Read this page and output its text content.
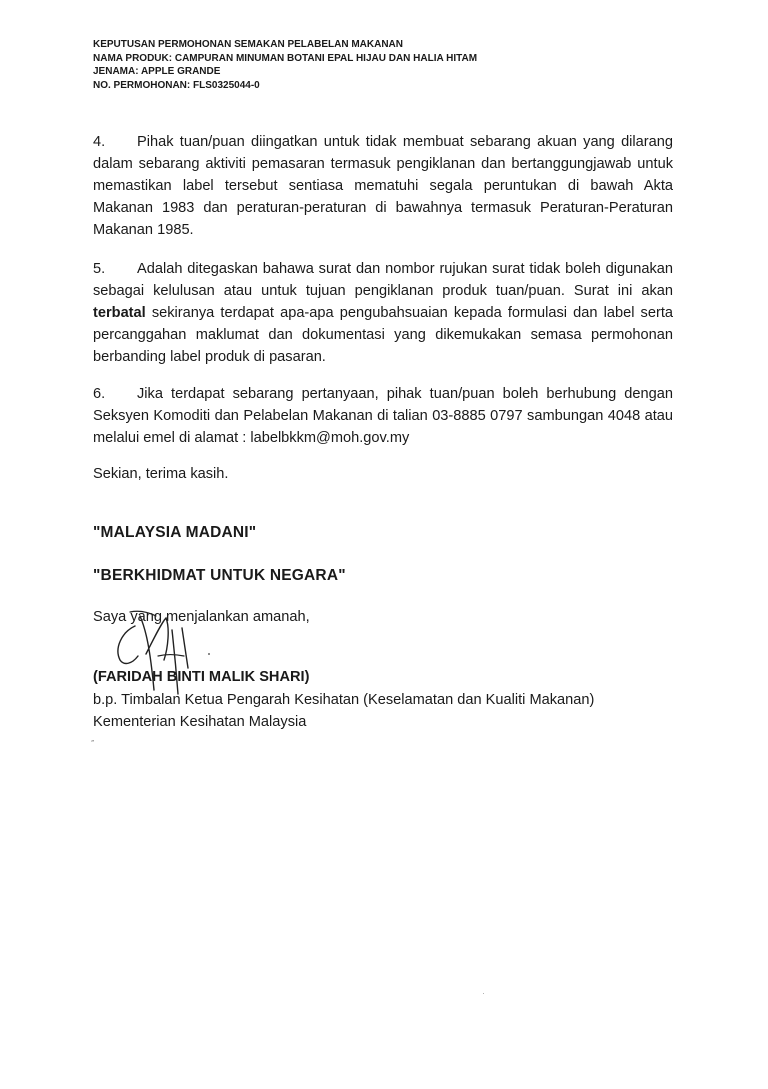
KEPUTUSAN PERMOHONAN SEMAKAN PELABELAN MAKANAN
NAMA PRODUK: CAMPURAN MINUMAN BOTANI EPAL HIJAU DAN HALIA HITAM
JENAMA: APPLE GRANDE
NO. PERMOHONAN: FLS0325044-0
4. Pihak tuan/puan diingatkan untuk tidak membuat sebarang akuan yang dilarang dalam sebarang aktiviti pemasaran termasuk pengiklanan dan bertanggungjawab untuk memastikan label tersebut sentiasa mematuhi segala peruntukan di bawah Akta Makanan 1983 dan peraturan-peraturan di bawahnya termasuk Peraturan-Peraturan Makanan 1985.
5. Adalah ditegaskan bahawa surat dan nombor rujukan surat tidak boleh digunakan sebagai kelulusan atau untuk tujuan pengiklanan produk tuan/puan. Surat ini akan terbatal sekiranya terdapat apa-apa pengubahsuaian kepada formulasi dan label serta percanggahan maklumat dan dokumentasi yang dikemukakan semasa permohonan berbanding label produk di pasaran.
6. Jika terdapat sebarang pertanyaan, pihak tuan/puan boleh berhubung dengan Seksyen Komoditi dan Pelabelan Makanan di talian 03-8885 0797 sambungan 4048 atau melalui emel di alamat : labelbkkm@moh.gov.my
Sekian, terima kasih.
"MALAYSIA MADANI"
"BERKHIDMAT UNTUK NEGARA"
Saya yang menjalankan amanah,
(FARIDAH BINTI MALIK SHARI)
b.p. Timbalan Ketua Pengarah Kesihatan (Keselamatan dan Kualiti Makanan)
Kementerian Kesihatan Malaysia
″
